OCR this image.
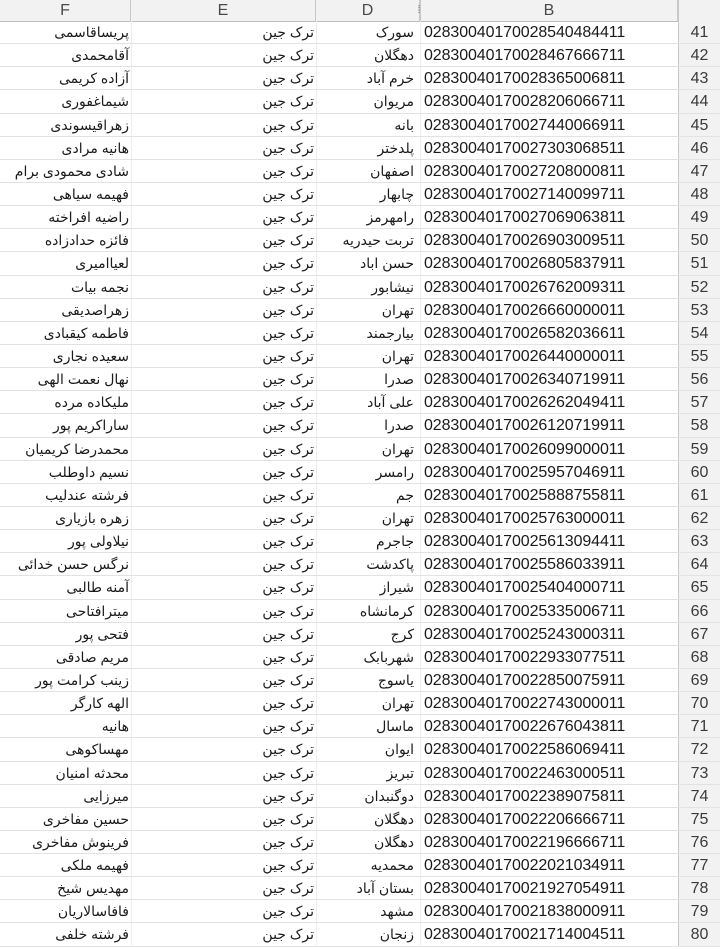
F	E	D	⁞	B
پریساقاسمی	ترک جین	سورک 02830040170028540484411	41
آقامحمدی	ترک جین	دهگلان 02830040170028467666711	42
آزاده کریمی	ترک جین	خرم آباد 02830040170028365006811	43
شیماغفوری	ترک جین	مریوان 02830040170028206066711	44
زهراقیسوندی	ترک جین	بانه 02830040170027440066911	45
هانیه مرادی	ترک جین	پلدختر 02830040170027303068511	46
شادی محمودی برام	ترک جین	اصفهان 02830040170027208000811	47
فهیمه سیاهی	ترک جین	چابهار 02830040170027140099711	48
راضیه افراخته	ترک جین	رامهرمز 02830040170027069063811	49
فائزه حدادزاده	ترک جین	تربت حیدریه 02830040170026903009511	50
لعیاامیری	ترک جین	حسن اباد 02830040170026805837911	51
نجمه بیات	ترک جین	نیشابور 02830040170026762009311	52
زهراصدیقی	ترک جین	تهران 02830040170026660000011	53
فاطمه کیقبادی	ترک جین	بیارجمند 02830040170026582036611	54
سعیده نجاری	ترک جین	تهران 02830040170026440000011	55
نهال نعمت الهی	ترک جین	صدرا 02830040170026340719911	56
ملیکاده مرده	ترک جین	علی آباد 02830040170026262049411	57
ساراکریم پور	ترک جین	صدرا 02830040170026120719911	58
محمدرضا کریمیان	ترک جین	تهران 02830040170026099000011	59
نسیم داوطلب	ترک جین	رامسر 02830040170025957046911	60
فرشته عندلیب	ترک جین	جم 02830040170025888755811	61
زهره بازیاری	ترک جین	تهران 02830040170025763000011	62
نیلاولی پور	ترک جین	جاجرم 02830040170025613094411	63
نرگس حسن خدائی	ترک جین	پاکدشت 02830040170025586033911	64
آمنه طالبی	ترک جین	شیراز 02830040170025404000711	65
میترافتاحی	ترک جین	کرمانشاه 02830040170025335006711	66
فتحی پور	ترک جین	کرج 02830040170025243000311	67
مریم صادقی	ترک جین	شهربابک 02830040170022933077511	68
زینب کرامت پور	ترک جین	یاسوج 02830040170022850075911	69
الهه کارگر	ترک جین	تهران 02830040170022743000011	70
هانیه	ترک جین	ماسال 02830040170022676043811	71
مهساکوهی	ترک جین	ایوان 02830040170022586069411	72
محدثه امنیان	ترک جین	تبریز 02830040170022463000511	73
میرزایی	ترک جین	دوگنبدان 02830040170022389075811	74
حسین مفاخری	ترک جین	دهگلان 02830040170022206666711	75
فرینوش مفاخری	ترک جین	دهگلان 02830040170022196666711	76
فهیمه ملکی	ترک جین	محمدیه 02830040170022021034911	77
مهدیس شیخ	ترک جین	بستان آباد 02830040170021927054911	78
فافاسالاریان	ترک جین	مشهد 02830040170021838000911	79
فرشته خلفی	ترک جین	زنجان 02830040170021714004511	80
